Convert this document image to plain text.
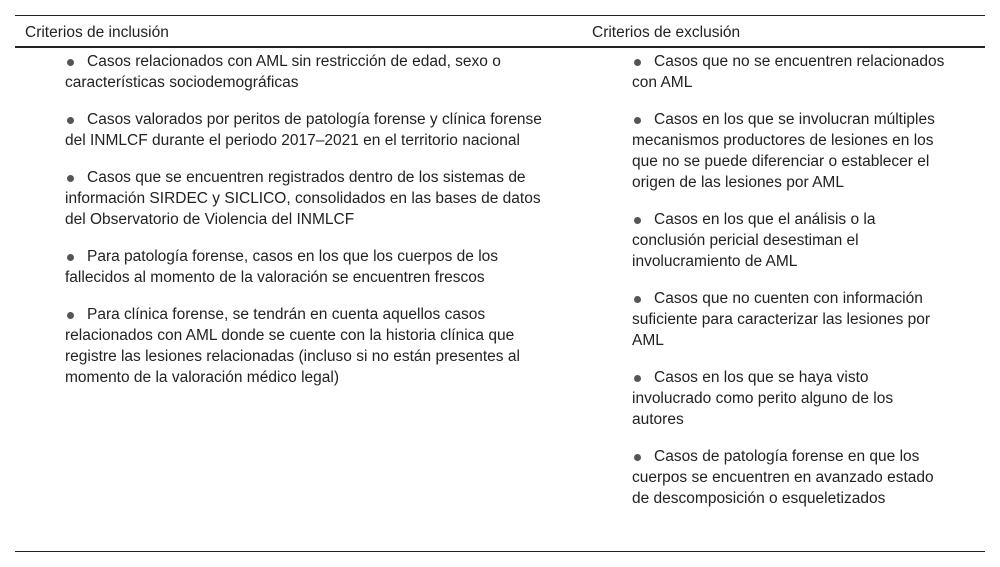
Criterios de inclusión	Criterios de exclusión
Casos relacionados con AML sin restricción de edad, sexo o características sociodemográficas
Casos valorados por peritos de patología forense y clínica forense del INMLCF durante el periodo 2017–2021 en el territorio nacional
Casos que se encuentren registrados dentro de los sistemas de información SIRDEC y SICLICO, consolidados en las bases de datos del Observatorio de Violencia del INMLCF
Para patología forense, casos en los que los cuerpos de los fallecidos al momento de la valoración se encuentren frescos
Para clínica forense, se tendrán en cuenta aquellos casos relacionados con AML donde se cuente con la historia clínica que registre las lesiones relacionadas (incluso si no están presentes al momento de la valoración médico legal)
Casos que no se encuentren relacionados con AML
Casos en los que se involucran múltiples mecanismos productores de lesiones en los que no se puede diferenciar o establecer el origen de las lesiones por AML
Casos en los que el análisis o la conclusión pericial desestiman el involucramiento de AML
Casos que no cuenten con información suficiente para caracterizar las lesiones por AML
Casos en los que se haya visto involucrado como perito alguno de los autores
Casos de patología forense en que los cuerpos se encuentren en avanzado estado de descomposición o esqueletizados
